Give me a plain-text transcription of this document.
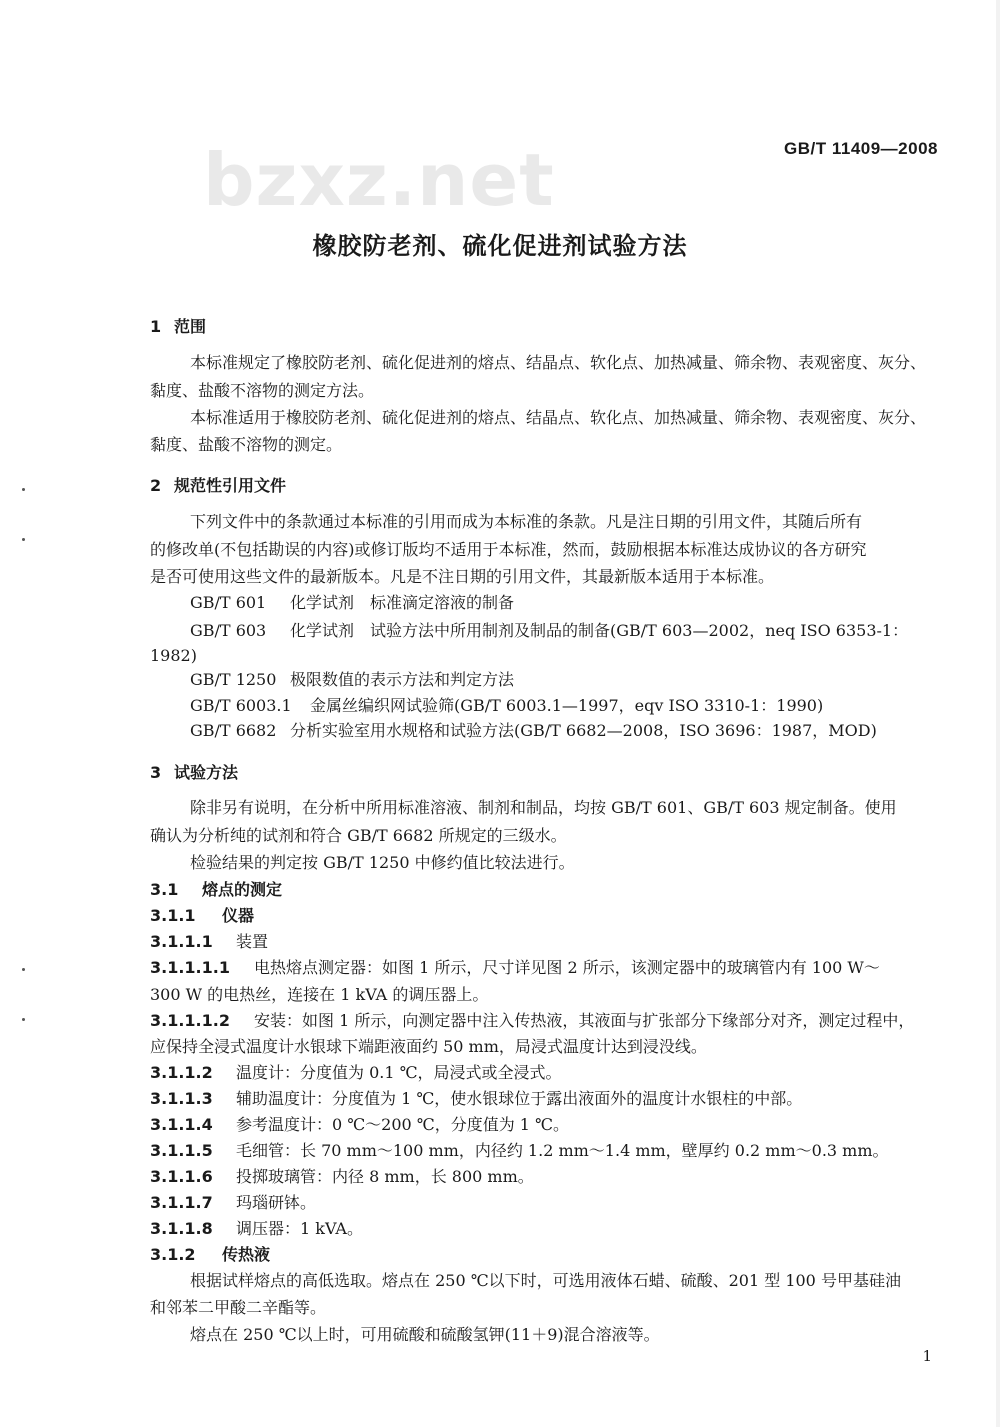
bzxz.net	GB/T 11409—2008
橡胶防老剂、硫化促进剂试验方法
1 范围
本标准规定了橡胶防老剂、硫化促进剂的熔点、结晶点、软化点、加热减量、筛余物、表观密度、灰分、
黏度、盐酸不溶物的测定方法。
本标准适用于橡胶防老剂、硫化促进剂的熔点、结晶点、软化点、加热减量、筛余物、表观密度、灰分、
黏度、盐酸不溶物的测定。
2 规范性引用文件
下列文件中的条款通过本标准的引用而成为本标准的条款。凡是注日期的引用文件，其随后所有
的修改单(不包括勘误的内容)或修订版均不适用于本标准，然而，鼓励根据本标准达成协议的各方研究
是否可使用这些文件的最新版本。凡是不注日期的引用文件，其最新版本适用于本标准。
GB/T 601 化学试剂　标准滴定溶液的制备
GB/T 603 化学试剂　试验方法中所用制剂及制品的制备(GB/T 603—2002，neq ISO 6353-1：
1982)
GB/T 1250 极限数值的表示方法和判定方法
GB/T 6003.1 金属丝编织网试验筛(GB/T 6003.1—1997，eqv ISO 3310-1：1990)
GB/T 6682 分析实验室用水规格和试验方法(GB/T 6682—2008，ISO 3696：1987，MOD)
3 试验方法
除非另有说明，在分析中所用标准溶液、制剂和制品，均按 GB/T 601、GB/T 603 规定制备。使用
确认为分析纯的试剂和符合 GB/T 6682 所规定的三级水。
检验结果的判定按 GB/T 1250 中修约值比较法进行。
3.1 熔点的测定
3.1.1 仪器
3.1.1.1 装置
3.1.1.1.1 电热熔点测定器：如图 1 所示，尺寸详见图 2 所示，该测定器中的玻璃管内有 100 W～
300 W 的电热丝，连接在 1 kVA 的调压器上。
3.1.1.1.2 安装：如图 1 所示，向测定器中注入传热液，其液面与扩张部分下缘部分对齐，测定过程中，
应保持全浸式温度计水银球下端距液面约 50 mm，局浸式温度计达到浸没线。
3.1.1.2 温度计：分度值为 0.1 ℃，局浸式或全浸式。
3.1.1.3 辅助温度计：分度值为 1 ℃，使水银球位于露出液面外的温度计水银柱的中部。
3.1.1.4 参考温度计：0 ℃～200 ℃，分度值为 1 ℃。
3.1.1.5 毛细管：长 70 mm～100 mm，内径约 1.2 mm～1.4 mm，壁厚约 0.2 mm～0.3 mm。
3.1.1.6 投掷玻璃管：内径 8 mm，长 800 mm。
3.1.1.7 玛瑙研钵。
3.1.1.8 调压器：1 kVA。
3.1.2 传热液
根据试样熔点的高低选取。熔点在 250 ℃以下时，可选用液体石蜡、硫酸、201 型 100 号甲基硅油
和邻苯二甲酸二辛酯等。
熔点在 250 ℃以上时，可用硫酸和硫酸氢钾(11＋9)混合溶液等。
1
